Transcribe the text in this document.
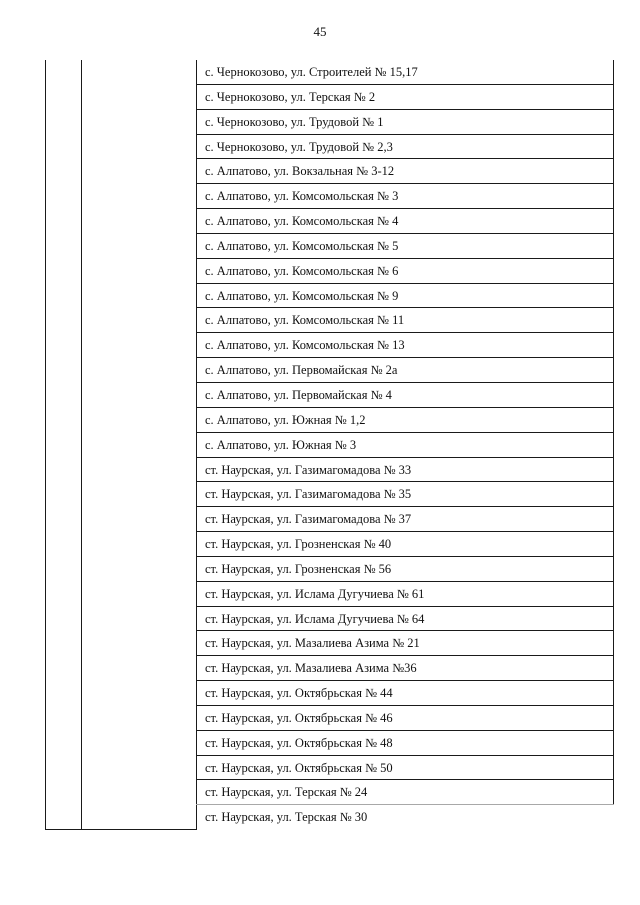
45
с. Чернокозово, ул. Строителей № 15,17
с. Чернокозово, ул. Терская № 2
с. Чернокозово, ул. Трудовой № 1
с. Чернокозово, ул. Трудовой № 2,3
с. Алпатово, ул. Вокзальная № 3-12
с. Алпатово, ул. Комсомольская № 3
с. Алпатово, ул. Комсомольская № 4
с. Алпатово, ул. Комсомольская № 5
с. Алпатово, ул. Комсомольская № 6
с. Алпатово, ул. Комсомольская № 9
с. Алпатово, ул. Комсомольская № 11
с. Алпатово, ул. Комсомольская № 13
с. Алпатово, ул. Первомайская № 2а
с. Алпатово, ул. Первомайская № 4
с. Алпатово, ул. Южная № 1,2
с. Алпатово, ул. Южная № 3
ст. Наурская, ул. Газимагомадова № 33
ст. Наурская, ул. Газимагомадова № 35
ст. Наурская, ул. Газимагомадова № 37
ст. Наурская, ул. Грозненская № 40
ст. Наурская, ул. Грозненская № 56
ст. Наурская, ул. Ислама Дугучиева № 61
ст. Наурская, ул. Ислама Дугучиева № 64
ст. Наурская, ул. Мазалиева Азима № 21
ст. Наурская, ул. Мазалиева Азима №36
ст. Наурская, ул. Октябрьская № 44
ст. Наурская, ул. Октябрьская № 46
ст. Наурская, ул. Октябрьская № 48
ст. Наурская, ул. Октябрьская № 50
ст. Наурская, ул. Терская № 24
ст. Наурская, ул. Терская № 30
